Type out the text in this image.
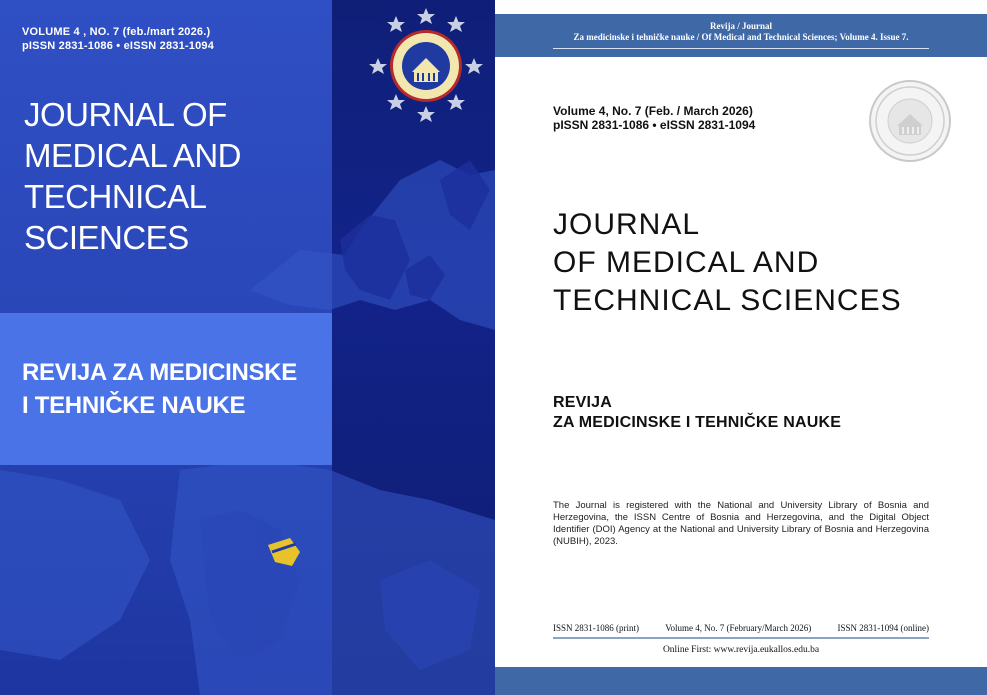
VOLUME 4 , NO. 7 (feb./mart 2026.)
pISSN 2831-1086 • eISSN 2831-1094
JOURNAL OF
MEDICAL AND
TECHNICAL
SCIENCES
REVIJA ZA MEDICINSKE
I TEHNIČKE NAUKE
Revija / Journal
Za medicinske i tehničke nauke / Of Medical and Technical Sciences; Volume 4. Issue 7.
Volume 4, No. 7 (Feb. / March 2026)
pISSN 2831-1086 • eISSN 2831-1094
JOURNAL
OF MEDICAL AND
TECHNICAL SCIENCES
REVIJA
ZA MEDICINSKE I TEHNIČKE NAUKE
The Journal is registered with the National and University Library of Bosnia and Herzegovina, the ISSN Centre of Bosnia and Herzegovina, and the Digital Object Identifier (DOI) Agency at the National and University Library of Bosnia and Herzegovina (NUBIH), 2023.
ISSN 2831-1086 (print)	Volume 4, No. 7 (February/March 2026)	ISSN 2831-1094 (online)
Online First: www.revija.eukallos.edu.ba
